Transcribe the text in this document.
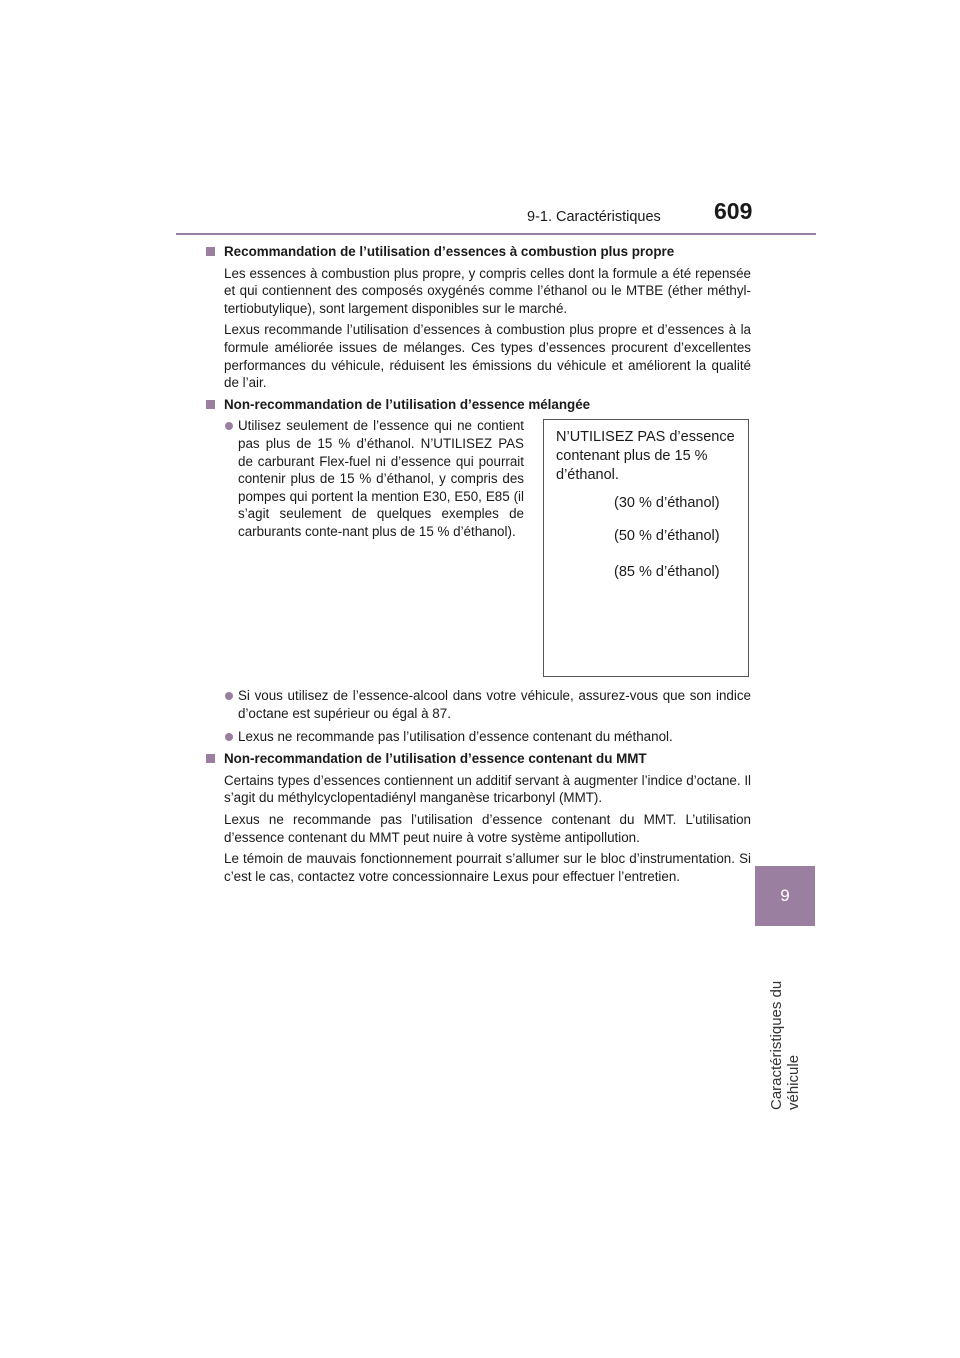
9-1. Caractéristiques 609
9
Caractéristiques du véhicule
Recommandation de l’utilisation d’essences à combustion plus propre

Les essences à combustion plus propre, y compris celles dont la formule a été repensée et qui contiennent des composés oxygénés comme l’éthanol ou le MTBE (éther méthyl-tertiobutylique), sont largement disponibles sur le marché.

Lexus recommande l’utilisation d’essences à combustion plus propre et d’essences à la formule améliorée issues de mélanges. Ces types d’essences procurent d’excellentes performances du véhicule, réduisent les émissions du véhicule et améliorent la qualité de l’air.

Non-recommandation de l’utilisation d’essence mélangée
Utilisez seulement de l’essence qui ne contient pas plus de 15 % d’éthanol. N’UTILISEZ PAS de carburant Flex-fuel ni d’essence qui pourrait contenir plus de 15 % d’éthanol, y compris des pompes qui portent la mention E30, E50, E85 (il s’agit seulement de quelques exemples de carburants conte-nant plus de 15 % d’éthanol).
N’UTILISEZ PAS d’essence contenant plus de 15 % d’éthanol.
(30 % d’éthanol)
(50 % d’éthanol)
(85 % d’éthanol)
Si vous utilisez de l’essence-alcool dans votre véhicule, assurez-vous que son indice d’octane est supérieur ou égal à 87.
Lexus ne recommande pas l’utilisation d’essence contenant du méthanol.
Non-recommandation de l’utilisation d’essence contenant du MMT

Certains types d’essences contiennent un additif servant à augmenter l’indice d’octane. Il s’agit du méthylcyclopentadiényl manganèse tricarbonyl (MMT).

Lexus ne recommande pas l’utilisation d’essence contenant du MMT. L’utilisation d’essence contenant du MMT peut nuire à votre système antipollution.

Le témoin de mauvais fonctionnement pourrait s’allumer sur le bloc d’instrumentation. Si c’est le cas, contactez votre concessionnaire Lexus pour effectuer l’entretien.
